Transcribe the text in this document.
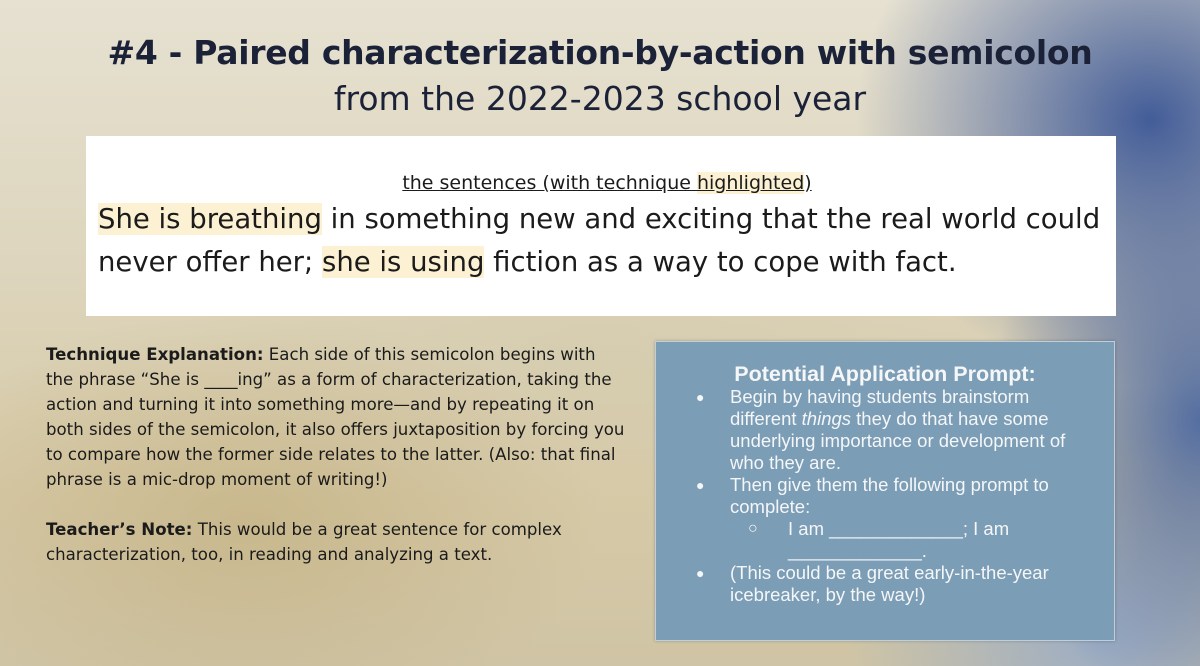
#4 - Paired characterization-by-action with semicolon
from the 2022-2023 school year
the sentences (with technique highlighted)
She is breathing in something new and exciting that the real world could never offer her; she is using fiction as a way to cope with fact.

Technique Explanation: Each side of this semicolon begins with the phrase “She is ____ing” as a form of characterization, taking the action and turning it into something more—and by repeating it on both sides of the semicolon, it also offers juxtaposition by forcing you to compare how the former side relates to the latter. (Also: that final phrase is a mic-drop moment of writing!)

Teacher’s Note: This would be a great sentence for complex characterization, too, in reading and analyzing a text.

Potential Application Prompt:
● Begin by having students brainstorm different things they do that have some underlying importance or development of who they are.
● Then give them the following prompt to complete:
○ I am _____________; I am _____________.
● (This could be a great early-in-the-year icebreaker, by the way!)
